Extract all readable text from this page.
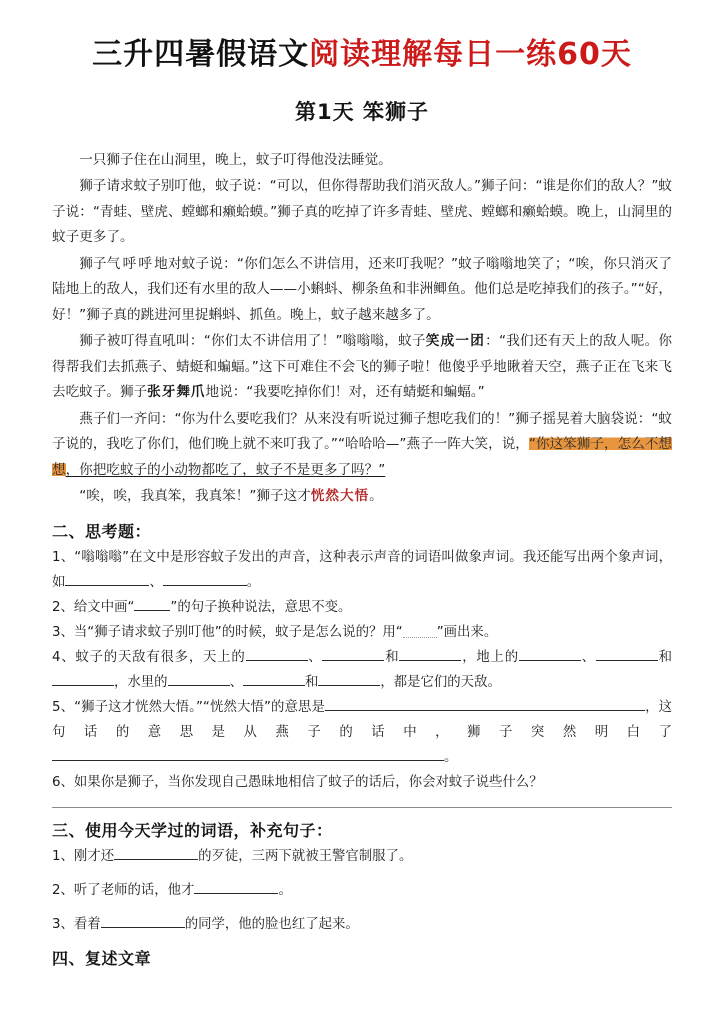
三升四暑假语文阅读理解每日一练60天
第1天 笨狮子

一只狮子住在山洞里，晚上，蚊子叮得他没法睡觉。

狮子请求蚊子别叮他，蚊子说：“可以，但你得帮助我们消灭敌人。”狮子问：“谁是你们的敌人？”蚊子说：“青蛙、壁虎、螳螂和癞蛤蟆。”狮子真的吃掉了许多青蛙、壁虎、螳螂和癞蛤蟆。晚上，山洞里的蚊子更多了。

狮子气呼呼地对蚊子说：“你们怎么不讲信用，还来叮我呢？”蚊子嗡嗡地笑了；“唉，你只消灭了陆地上的敌人，我们还有水里的敌人——小蝌蚪、柳条鱼和非洲鲫鱼。他们总是吃掉我们的孩子。”“好，好！”狮子真的跳进河里捉蝌蚪、抓鱼。晚上，蚊子越来越多了。

狮子被叮得直吼叫：“你们太不讲信用了！”嗡嗡嗡，蚊子笑成一团：“我们还有天上的敌人呢。你得帮我们去抓燕子、蜻蜓和蝙蝠。”这下可难住不会飞的狮子啦！他傻乎乎地瞅着天空，燕子正在飞来飞去吃蚊子。狮子张牙舞爪地说：“我要吃掉你们！对，还有蜻蜓和蝙蝠。”

燕子们一齐问：“你为什么要吃我们？从来没有听说过狮子想吃我们的！”狮子摇晃着大脑袋说：“蚊子说的，我吃了你们，他们晚上就不来叮我了。”“哈哈哈—”燕子一阵大笑，说，“你这笨狮子，怎么不想想，你把吃蚊子的小动物都吃了，蚊子不是更多了吗？”

“唉，唉，我真笨，我真笨！”狮子这才恍然大悟。

二、思考题：

1、“嗡嗡嗡”在文中是形容蚊子发出的声音，这种表示声音的词语叫做象声词。我还能写出两个象声词，如	、	。

2、给文中画“	”的句子换种说法，意思不变。

3、当“狮子请求蚊子别叮他”的时候，蚊子是怎么说的？用“	”画出来。

4、蚊子的天敌有很多，天上的	、	和	，地上的	、	和，水里的	、	和	，都是它们的天敌。

5、“狮子这才恍然大悟。”“恍然大悟”的意思是	，这句话的意思是从燕子的话中，狮子突然明白了。

6、如果你是狮子，当你发现自己愚昧地相信了蚊子的话后，你会对蚊子说些什么？

三、使用今天学过的词语，补充句子：

1、刚才还	的歹徒，三两下就被王警官制服了。

2、听了老师的话，他才	。

3、看着	的同学，他的脸也红了起来。

四、复述文章
